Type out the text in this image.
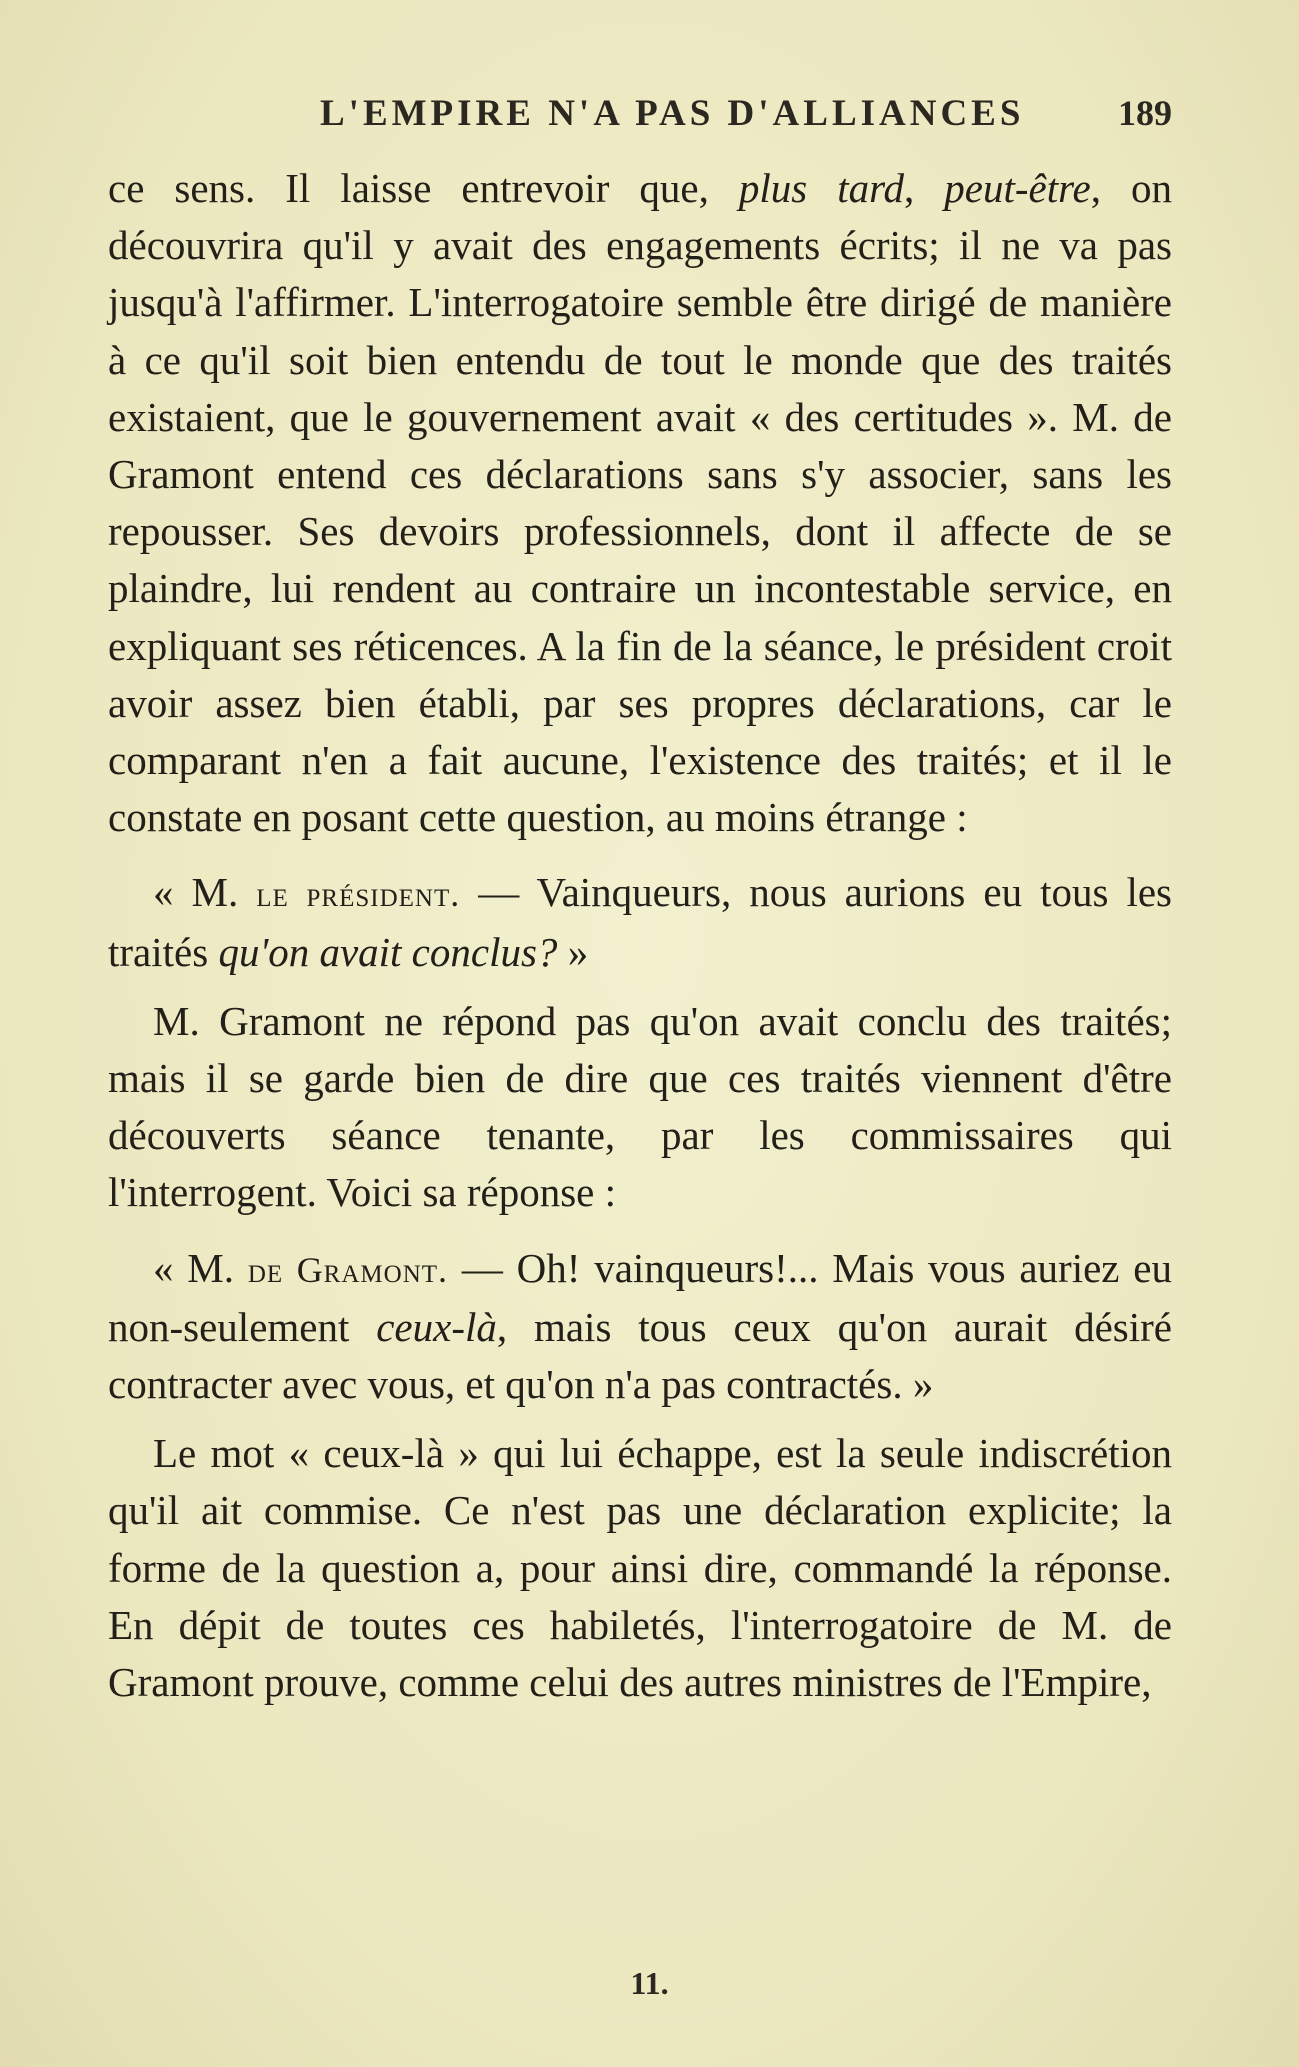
L'EMPIRE N'A PAS D'ALLIANCES	189

ce sens. Il laisse entrevoir que, plus tard, peut-être, on découvrira qu'il y avait des engagements écrits; il ne va pas jusqu'à l'affirmer. L'interrogatoire semble être dirigé de manière à ce qu'il soit bien entendu de tout le monde que des traités existaient, que le gouvernement avait « des certitudes ». M. de Gramont entend ces déclarations sans s'y associer, sans les repousser. Ses devoirs professionnels, dont il affecte de se plaindre, lui rendent au contraire un incontestable service, en expliquant ses réticences. A la fin de la séance, le président croit avoir assez bien établi, par ses propres déclarations, car le comparant n'en a fait aucune, l'existence des traités; et il le constate en posant cette question, au moins étrange :

« M. le président. — Vainqueurs, nous aurions eu tous les traités qu'on avait conclus? »

M. Gramont ne répond pas qu'on avait conclu des traités; mais il se garde bien de dire que ces traités viennent d'être découverts séance tenante, par les commissaires qui l'interrogent. Voici sa réponse :

« M. de Gramont. — Oh! vainqueurs!... Mais vous auriez eu non-seulement ceux-là, mais tous ceux qu'on aurait désiré contracter avec vous, et qu'on n'a pas contractés. »

Le mot « ceux-là » qui lui échappe, est la seule indiscrétion qu'il ait commise. Ce n'est pas une déclaration explicite; la forme de la question a, pour ainsi dire, commandé la réponse. En dépit de toutes ces habiletés, l'interrogatoire de M. de Gramont prouve, comme celui des autres ministres de l'Empire,

11.
